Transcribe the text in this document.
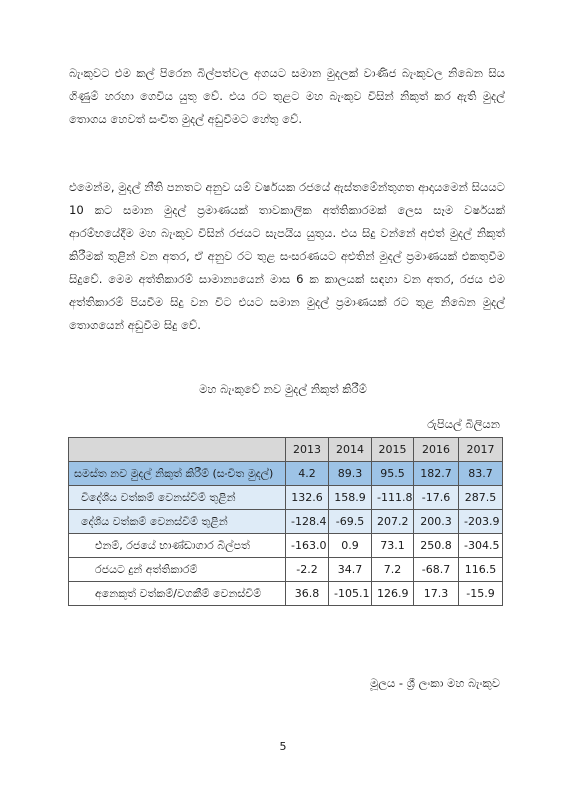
බැංකුවට එම කල් පිරෙන බිල්පත්වල අගයට සමාන මුදලක් වාණිජ බැංකුවල නිබෙන සිය ගිණුම් හරහා ගෙවිය යුතු වේ. එය රට තුළට මහ බැංකුව විසින් නිකුත් කර ඇති මුදල් තොගය හෙවත් සංචිත මුදල් අඩුවීමට හේතු වේ.

එමෙන්ම, මුදල් නීති පනතට අනුව යම් වර්ෂයක රජයේ ඇස්තමේන්තුගත ආදායමෙන් සියයට 10 කට සමාන මුදල් ප්‍රමාණයක් තාවකාලික අත්තිකාරමක් ලෙස සෑම වර්ෂයක් ආරම්භයේදීම මහ බැංකුව විසින් රජයට සැපයිය යුතුය. එය සිදු වන්නේ අළුත් මුදල් නිකුත් කිරීමක් තුළින් වන අතර, ඒ අනුව රට තුළ සංසරණයට අළුතින් මුදල් ප්‍රමාණයක් එකතුවීම සිදුවේ. මෙම අත්තිකාරම් සාමාන්‍යයෙන් මාස 6 ක කාලයක් සඳහා වන අතර, රජය එම අත්තිකාරම් පියවීම සිදු වන විට එයට සමාන මුදල් ප්‍රමාණයක් රට තුළ නිබෙන මුදල් තොගයෙන් අඩුවීම සිදු වේ.

මහ බැංකුවේ නව මුදල් නිකුත් කිරීම්
රුපියල් බිලියන
	2013	2014	2015	2016	2017
සමස්ත නව මුදල් නිකුත් කිරීම් (සංචිත මුදල්)	4.2	89.3	95.5	182.7	83.7
විදේශීය වත්කම් වෙනස්වීම් තුළින්	132.6	158.9	-111.8	-17.6	287.5
දේශීය වත්කම් වෙනස්වීම් තුළින්	-128.4	-69.5	207.2	200.3	-203.9
එනම්, රජයේ භාණ්ඩාගාර බිල්පත්	-163.0	0.9	73.1	250.8	-304.5
රජයට දුන් අත්තිකාරම්	-2.2	34.7	7.2	-68.7	116.5
අනෙකුත් වත්කම්/වගකීම් වෙනස්වීම්	36.8	-105.1	126.9	17.3	-15.9
මූලය - ශ්‍රී ලංකා මහ බැංකුව
5
